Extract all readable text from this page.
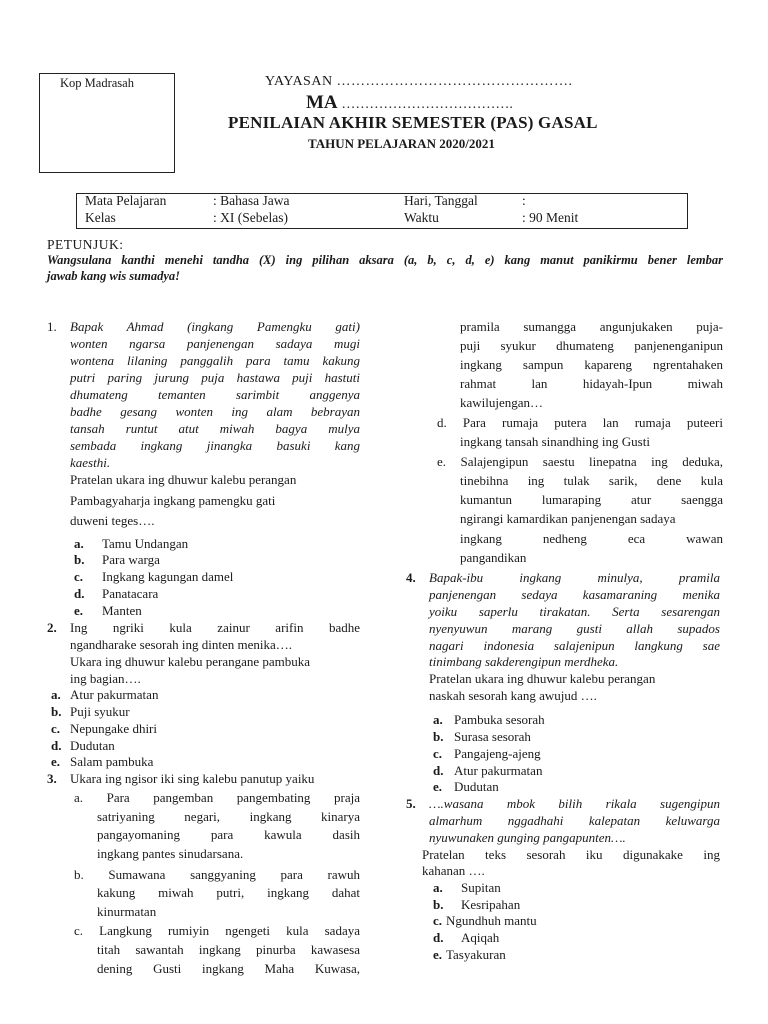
Kop Madrasah	YAYASAN ………………………………………….
MA ……………………………….
PENILAIAN AKHIR SEMESTER (PAS) GASAL
TAHUN PELAJARAN 2020/2021
Mata Pelajaran	: Bahasa Jawa	Hari, Tanggal	:
Kelas	: XI (Sebelas)	Waktu	: 90 Menit
PETUNJUK:
Wangsulana kanthi menehi tandha (X) ing pilihan aksara (a, b, c, d, e) kang manut panikirmu bener lembar
jawab kang wis sumadya!
1. Bapak Ahmad (ingkang Pamengku gati)
wonten ngarsa panjenengan sadaya mugi
wontena lilaning panggalih para tamu kakung
putri paring jurung puja hastawa puji hastuti
dhumateng temanten sarimbit anggenya
badhe gesang wonten ing alam bebrayan
tansah runtut atut miwah bagya mulya
sembada ingkang jinangka basuki kang
kaesthi.
Pratelan ukara ing dhuwur kalebu perangan
Pambagyaharja ingkang pamengku gati
duweni teges….
a. Tamu Undangan
b. Para warga
c. Ingkang kagungan damel
d. Panatacara
e. Manten
2. Ing ngriki kula zainur arifin badhe
ngandharake sesorah ing dinten menika….
Ukara ing dhuwur kalebu perangane pambuka
ing bagian….
a. Atur pakurmatan
b. Puji syukur
c. Nepungake dhiri
d. Dudutan
e. Salam pambuka
3. Ukara ing ngisor iki sing kalebu panutup yaiku
a. Para pangemban pangembating praja
satriyaning negari, ingkang kinarya
pangayomaning para kawula dasih
ingkang pantes sinudarsana.
b. Sumawana sanggyaning para rawuh
kakung miwah putri, ingkang dahat
kinurmatan
c. Langkung rumiyin ngengeti kula sadaya
titah sawantah ingkang pinurba kawasesa
dening Gusti ingkang Maha Kuwasa,
pramila sumangga angunjukaken puja-
puji syukur dhumateng panjenenganipun
ingkang sampun kapareng ngrentahaken
rahmat lan hidayah-Ipun miwah
kawilujengan…
d. Para rumaja putera lan rumaja puteeri
ingkang tansah sinandhing ing Gusti
e. Salajengipun saestu linepatna ing deduka,
tinebihna ing tulak sarik, dene kula
kumantun lumaraping atur saengga
ngirangi kamardikan panjenengan sadaya
ingkang nedheng eca wawan
pangandikan
4. Bapak-ibu ingkang minulya, pramila
panjenengan sedaya kasamaraning menika
yoiku saperlu tirakatan. Serta sesarengan
nyenyuwun marang gusti allah supados
nagari indonesia salajenipun langkung sae
tinimbang sakderengipun merdheka.
Pratelan ukara ing dhuwur kalebu perangan
naskah sesorah kang awujud ….
a. Pambuka sesorah
b. Surasa sesorah
c. Pangajeng-ajeng
d. Atur pakurmatan
e. Dudutan
5. ….wasana mbok bilih rikala sugengipun
almarhum nggadhahi kalepatan keluwarga
nyuwunaken gunging pangapunten….
Pratelan teks sesorah iku digunakake ing
kahanan ….
a. Supitan
b. Kesripahan
c. Ngundhuh mantu
d. Aqiqah
e. Tasyakuran
